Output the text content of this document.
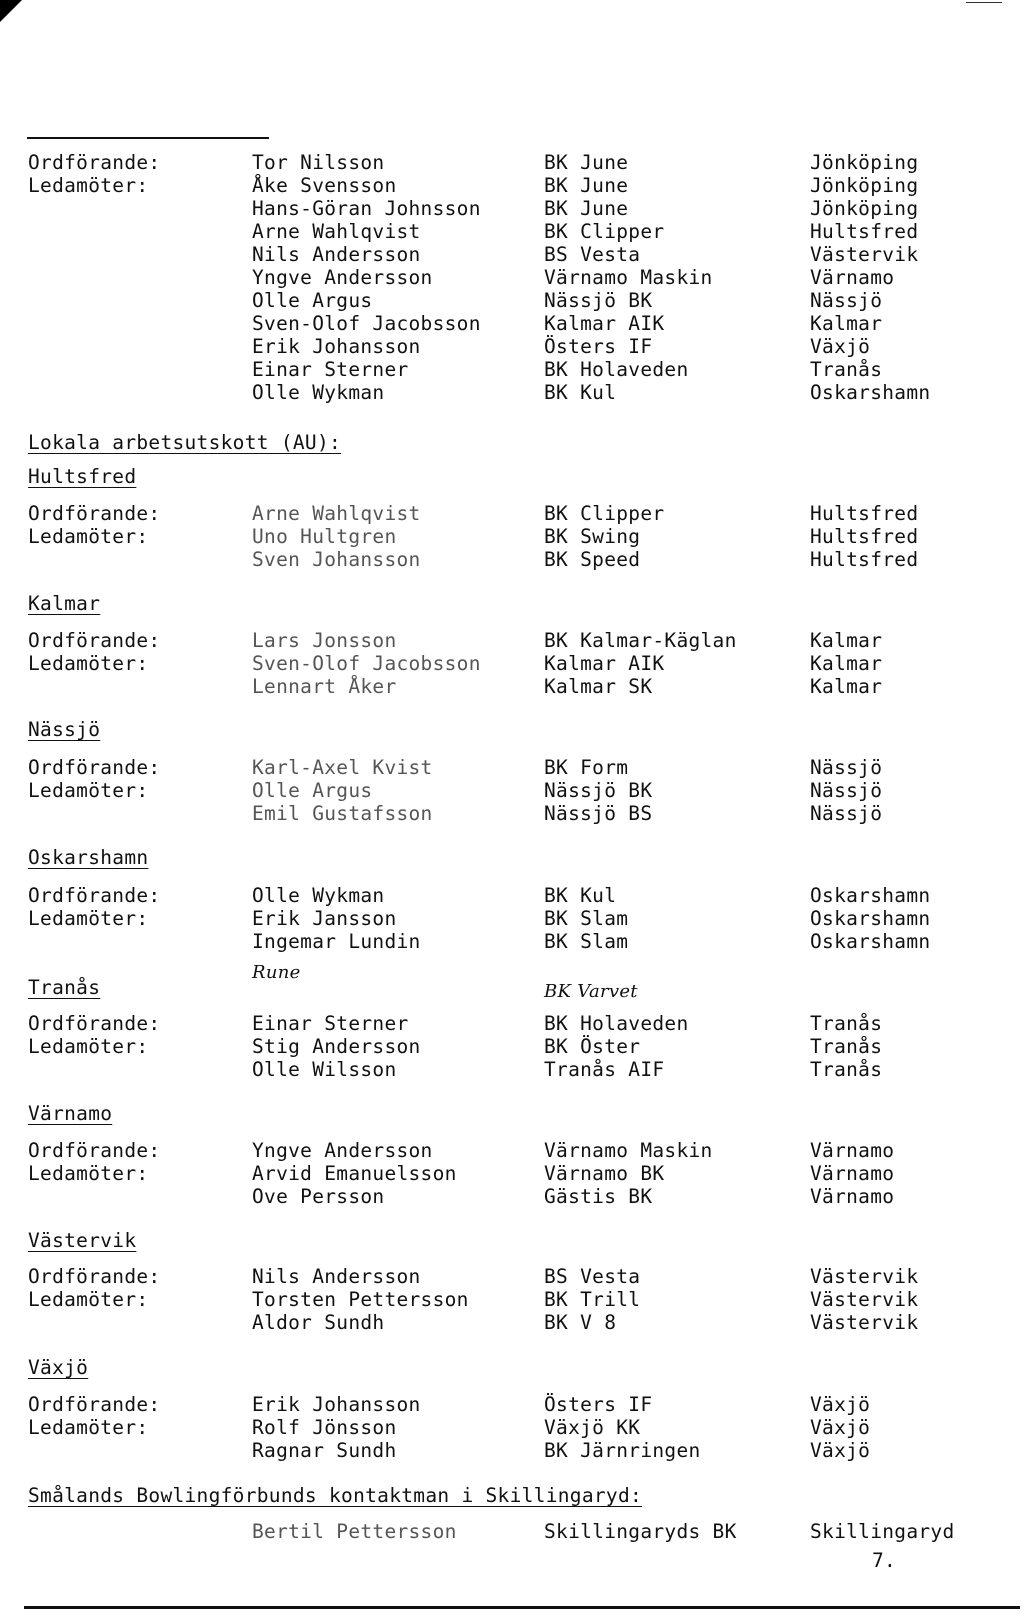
Ordförande:	Tor Nilsson	BK June	Jönköping
Ledamöter:	Åke Svensson	BK June	Jönköping
Hans-Göran Johnsson	BK June	Jönköping
Arne Wahlqvist	BK Clipper	Hultsfred
Nils Andersson	BS Vesta	Västervik
Yngve Andersson	Värnamo Maskin	Värnamo
Olle Argus	Nässjö BK	Nässjö
Sven-Olof Jacobsson	Kalmar AIK	Kalmar
Erik Johansson	Östers IF	Växjö
Einar Sterner	BK Holaveden	Tranås
Olle Wykman	BK Kul	Oskarshamn
Lokala arbetsutskott (AU):
Hultsfred
Ordförande:	Arne Wahlqvist	BK Clipper	Hultsfred
Ledamöter:	Uno Hultgren	BK Swing	Hultsfred
Sven Johansson	BK Speed	Hultsfred
Kalmar
Ordförande:	Lars Jonsson	BK Kalmar-Käglan	Kalmar
Ledamöter:	Sven-Olof Jacobsson	Kalmar AIK	Kalmar
Lennart Åker	Kalmar SK	Kalmar
Nässjö
Ordförande:	Karl-Axel Kvist	BK Form	Nässjö
Ledamöter:	Olle Argus	Nässjö BK	Nässjö
Emil Gustafsson	Nässjö BS	Nässjö
Oskarshamn
Ordförande:	Olle Wykman	BK Kul	Oskarshamn
Ledamöter:	Erik Jansson	BK Slam	Oskarshamn
Ingemar Lundin	BK Slam	Oskarshamn
Tranås
Rune
BK Varvet
Ordförande:	Einar Sterner	BK Holaveden	Tranås
Ledamöter:	Stig Andersson	BK Öster	Tranås
Olle Wilsson	Tranås AIF	Tranås
Värnamo
Ordförande:	Yngve Andersson	Värnamo Maskin	Värnamo
Ledamöter:	Arvid Emanuelsson	Värnamo BK	Värnamo
Ove Persson	Gästis BK	Värnamo
Västervik
Ordförande:	Nils Andersson	BS Vesta	Västervik
Ledamöter:	Torsten Pettersson	BK Trill	Västervik
Aldor Sundh	BK V 8	Västervik
Växjö
Ordförande:	Erik Johansson	Östers IF	Växjö
Ledamöter:	Rolf Jönsson	Växjö KK	Växjö
Ragnar Sundh	BK Järnringen	Växjö
Smålands Bowlingförbunds kontaktman i Skillingaryd:
Bertil Pettersson	Skillingaryds BK	Skillingaryd
7.
